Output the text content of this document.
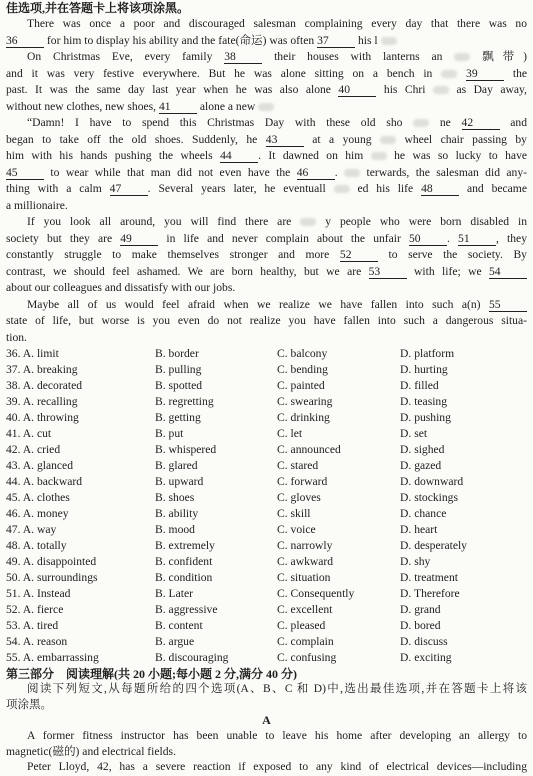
佳选项,并在答题卡上将该项涂黑。
There was once a poor and discouraged salesman complaining every day that there was no
36	for him to display his ability and the fate(命运) was often 37	his l
On Christmas Eve, every family 38	their houses with lanterns an	飘带)
and it was very festive everywhere. But he was alone sitting on a bench in	39	the
past. It was the same day last year when he was also alone 40	his Chri	as Day away,
without new clothes, new shoes, 41	alone a new
“Damn! I have to spend this Christmas Day with these old sho	ne 42	and
began to take off the old shoes. Suddenly, he 43	at a young	wheel chair passing by
him with his hands pushing the wheels 44 . It dawned on him	he was so lucky to have
45	to wear while that man did not even have the 46 . terwards, the salesman did any-
thing with a calm 47 . Several years later, he eventuall	ed his life 48	and became
a millionaire.
If you look all around, you will find there are	y people who were born disabled in
society but they are 49	in life and never complain about the unfair 50 . 51 , they
constantly struggle to make themselves stronger and more 52	to serve the society. By
contrast, we should feel ashamed. We are born healthy, but we are 53	with life; we 54
about our colleagues and dissatisfy with our jobs.
Maybe all of us would feel afraid when we realize we have fallen into such a(n) 55
state of life, but worse is you even do not realize you have fallen into such a dangerous situa-
tion.
36. A. limit	B. border	C. balcony	D. platform
37. A. breaking	B. pulling	C. bending	D. hurting
38. A. decorated	B. spotted	C. painted	D. filled
39. A. recalling	B. regretting	C. swearing	D. teasing
40. A. throwing	B. getting	C. drinking	D. pushing
41. A. cut	B. put	C. let	D. set
42. A. cried	B. whispered	C. announced	D. sighed
43. A. glanced	B. glared	C. stared	D. gazed
44. A. backward	B. upward	C. forward	D. downward
45. A. clothes	B. shoes	C. gloves	D. stockings
46. A. money	B. ability	C. skill	D. chance
47. A. way	B. mood	C. voice	D. heart
48. A. totally	B. extremely	C. narrowly	D. desperately
49. A. disappointed	B. confident	C. awkward	D. shy
50. A. surroundings	B. condition	C. situation	D. treatment
51. A. Instead	B. Later	C. Consequently	D. Therefore
52. A. fierce	B. aggressive	C. excellent	D. grand
53. A. tired	B. content	C. pleased	D. bored
54. A. reason	B. argue	C. complain	D. discuss
55. A. embarrassing	B. discouraging	C. confusing	D. exciting
第三部分　阅读理解(共 20 小题;每小题 2 分,满分 40 分)
阅读下列短文,从每题所给的四个选项(A、B、C 和 D)中,选出最佳选项,并在答题卡上将该
项涂黑。
A
A former fitness instructor has been unable to leave his home after developing an allergy to
magnetic(磁的) and electrical fields.
Peter Lloyd, 42, has a severe reaction if exposed to any kind of electrical devices—including
